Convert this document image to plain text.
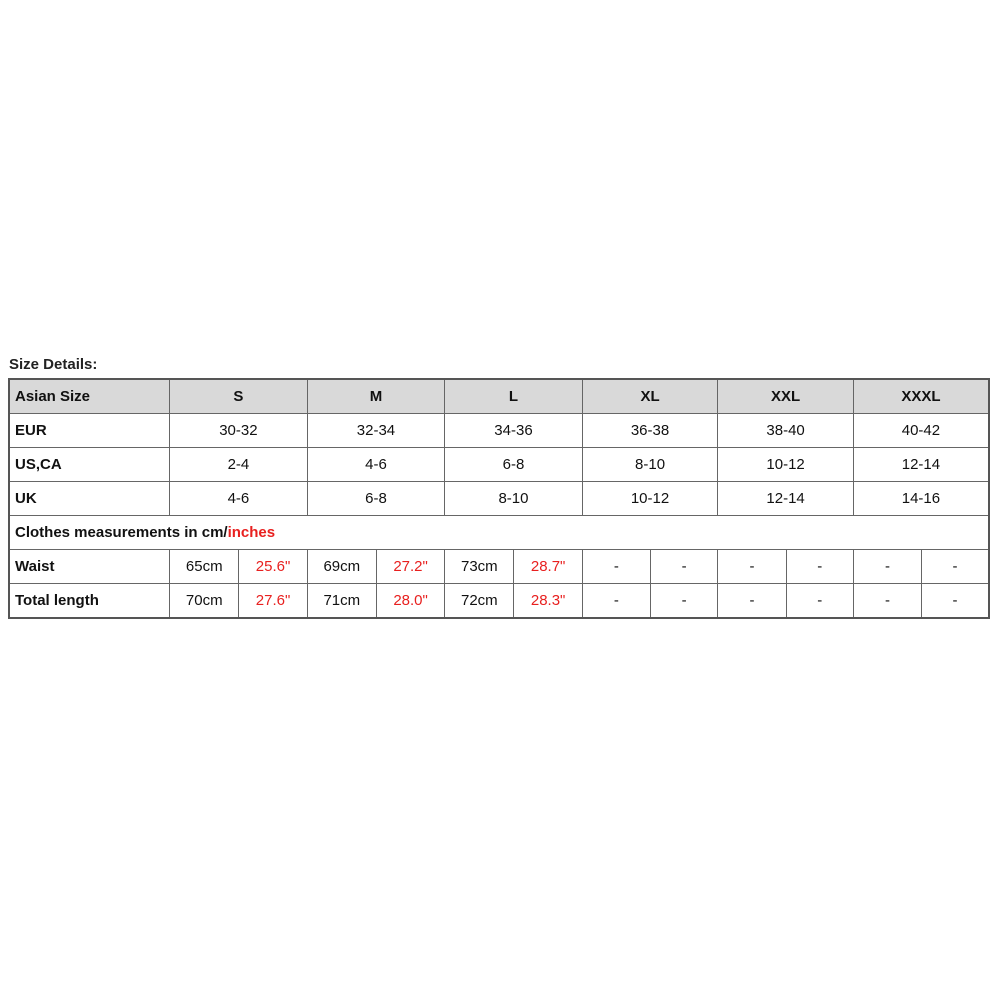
Size Details:
Asian Size	S		M		L		XL		XXL		XXXL	
EUR	30-32		32-34		34-36		36-38		38-40		40-42	
US,CA	2-4		4-6		6-8		8-10		10-12		12-14	
UK	4-6		6-8		8-10		10-12		12-14		14-16	
Clothes measurements in cm/inches												
Waist	65cm	25.6"	69cm	27.2"	73cm	28.7"	-	-	-	-	-	-
Total length	70cm	27.6"	71cm	28.0"	72cm	28.3"	-	-	-	-	-	-
